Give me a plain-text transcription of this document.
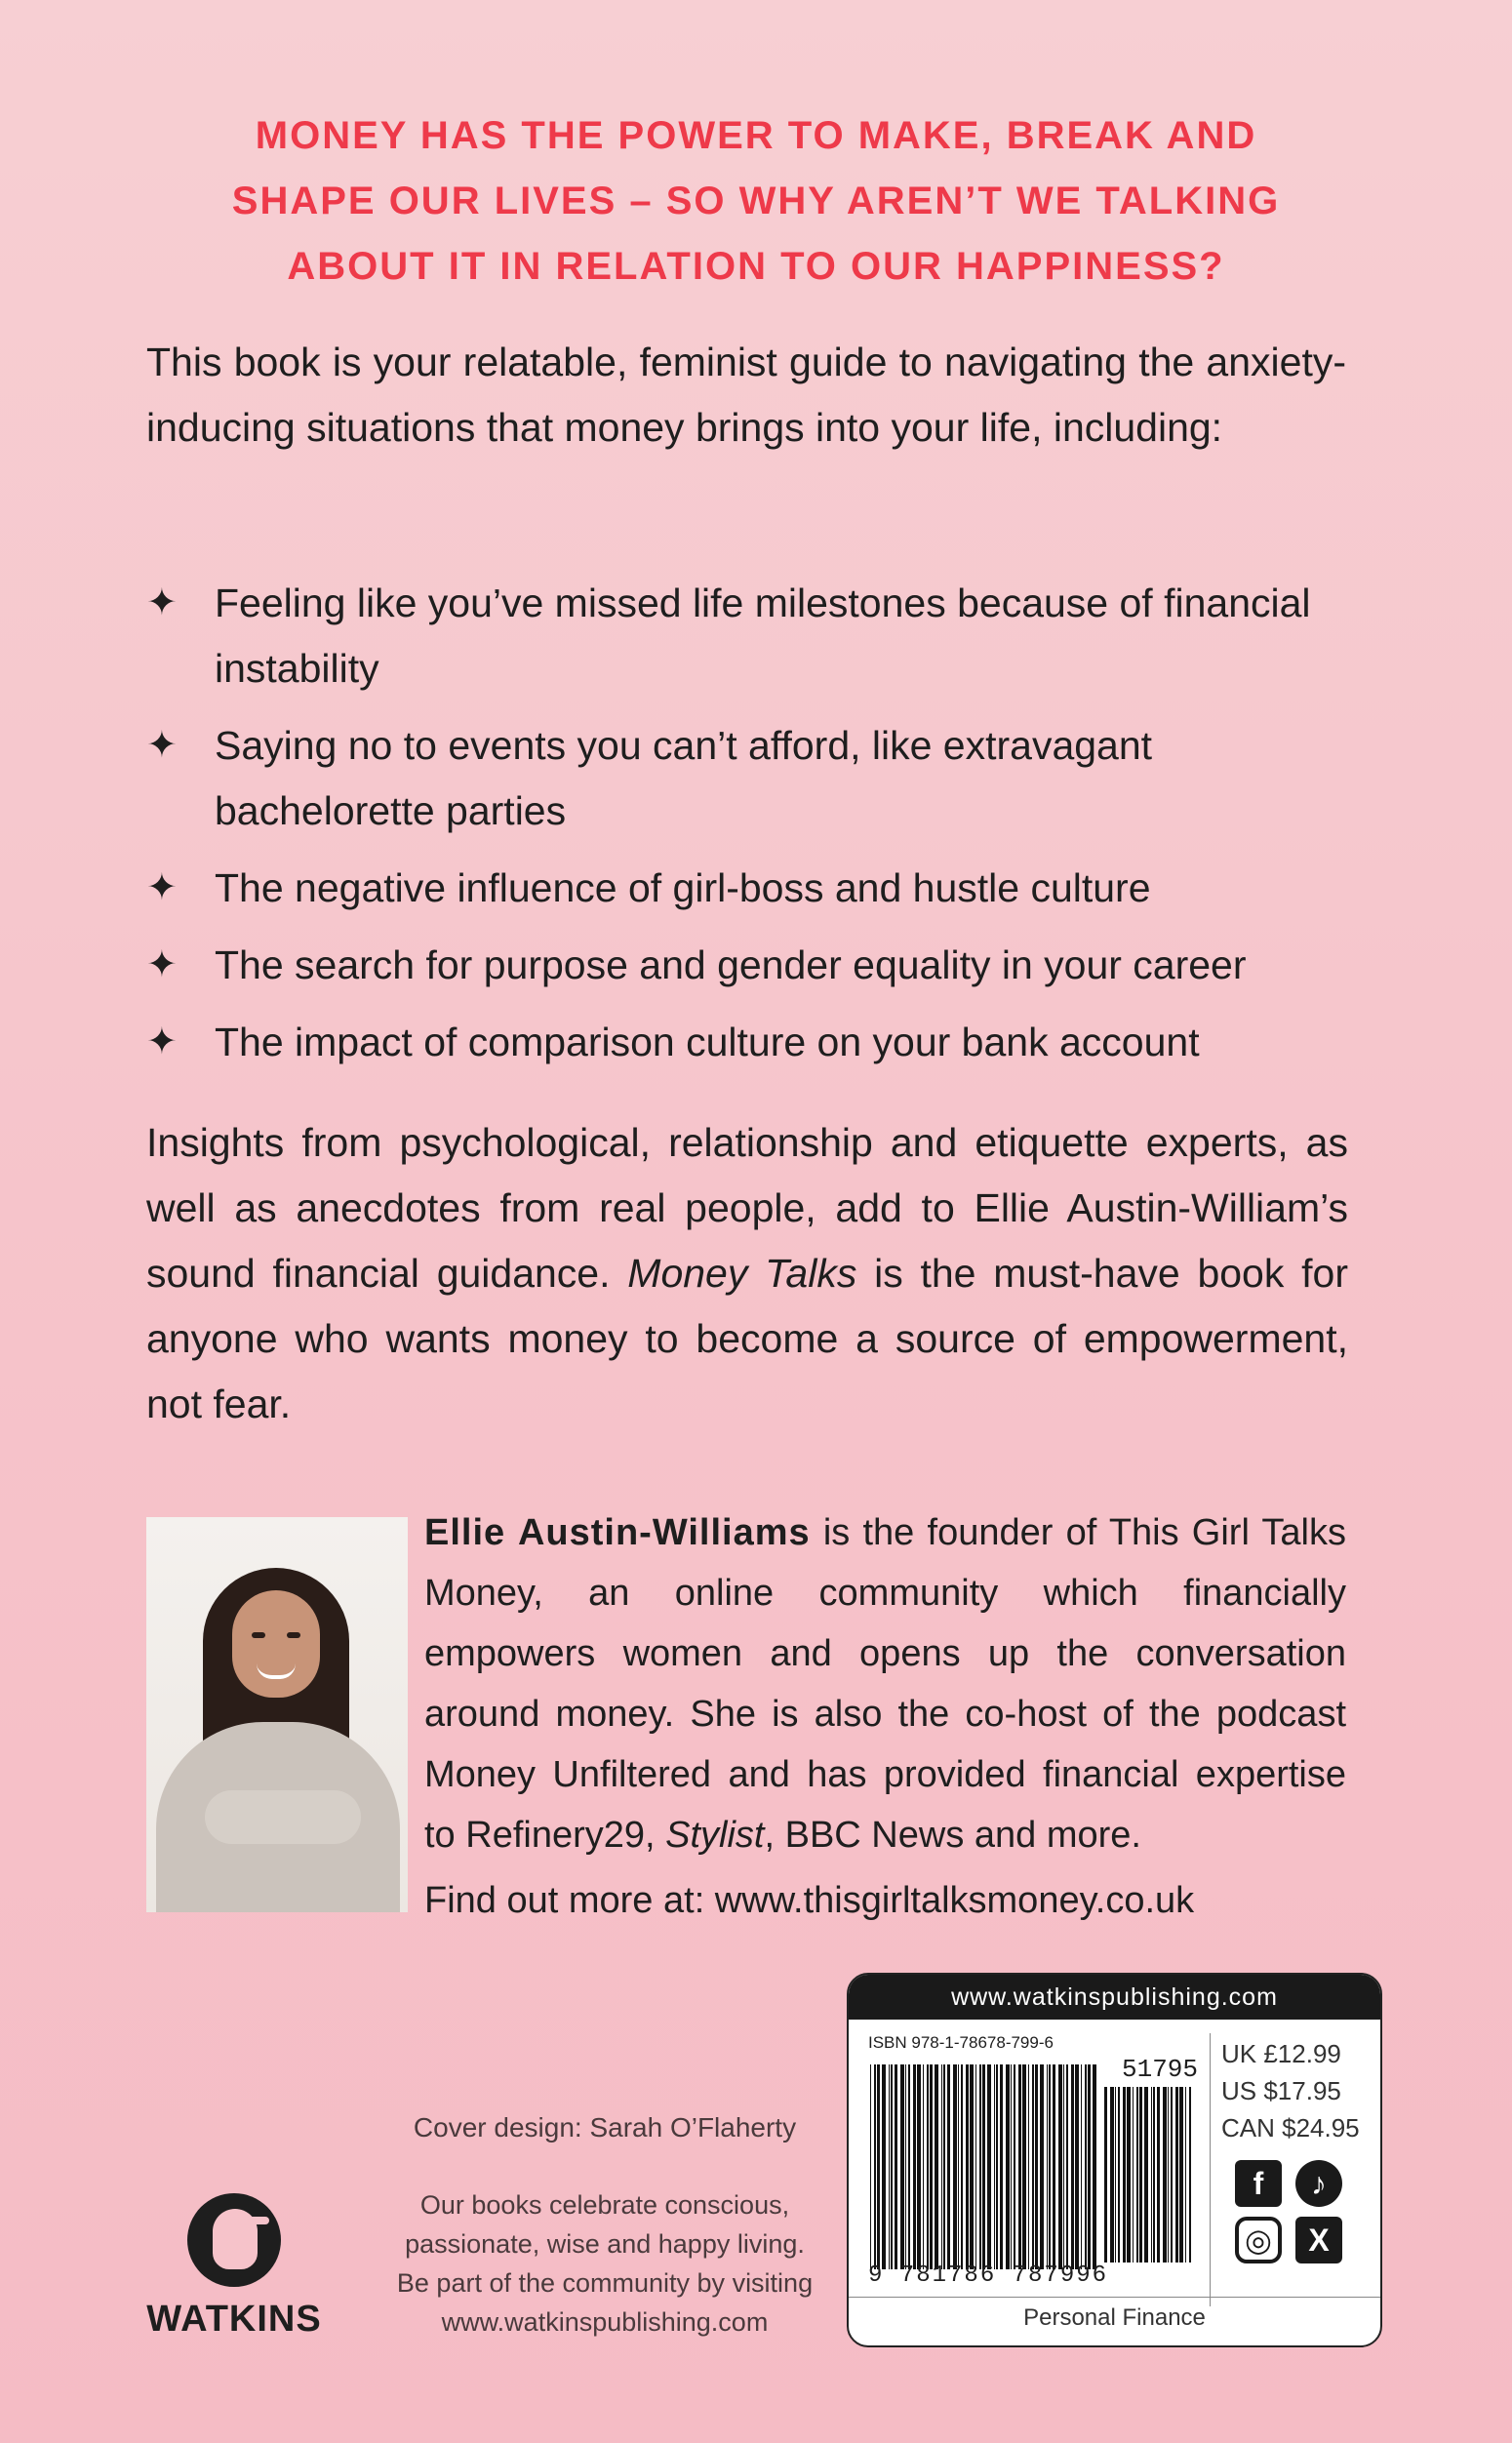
MONEY HAS THE POWER TO MAKE, BREAK AND
SHAPE OUR LIVES – SO WHY AREN’T WE TALKING
ABOUT IT IN RELATION TO OUR HAPPINESS?
This book is your relatable, feminist guide to navigating the anxiety-inducing situations that money brings into your life, including:
✦ Feeling like you’ve missed life milestones because of financial instability
✦ Saying no to events you can’t afford, like extravagant bachelorette parties
✦ The negative influence of girl-boss and hustle culture
✦ The search for purpose and gender equality in your career
✦ The impact of comparison culture on your bank account
Insights from psychological, relationship and etiquette experts, as well as anecdotes from real people, add to Ellie Austin-William’s sound financial guidance. Money Talks is the must-have book for anyone who wants money to become a source of empowerment, not fear.
Ellie Austin-Williams is the founder of This Girl Talks Money, an online community which financially empowers women and opens up the conversation around money. She is also the co-host of the podcast Money Unfiltered and has provided financial expertise to Refinery29, Stylist, BBC News and more.
Find out more at: www.thisgirltalksmoney.co.uk
WATKINS
Cover design: Sarah O’Flaherty
Our books celebrate conscious,
passionate, wise and happy living.
Be part of the community by visiting
www.watkinspublishing.com
www.watkinspublishing.com
ISBN 978-1-78678-799-6
51795
9 781786 787996
UK £12.99
US $17.95
CAN $24.95
f	♪
◎	X
Personal Finance
